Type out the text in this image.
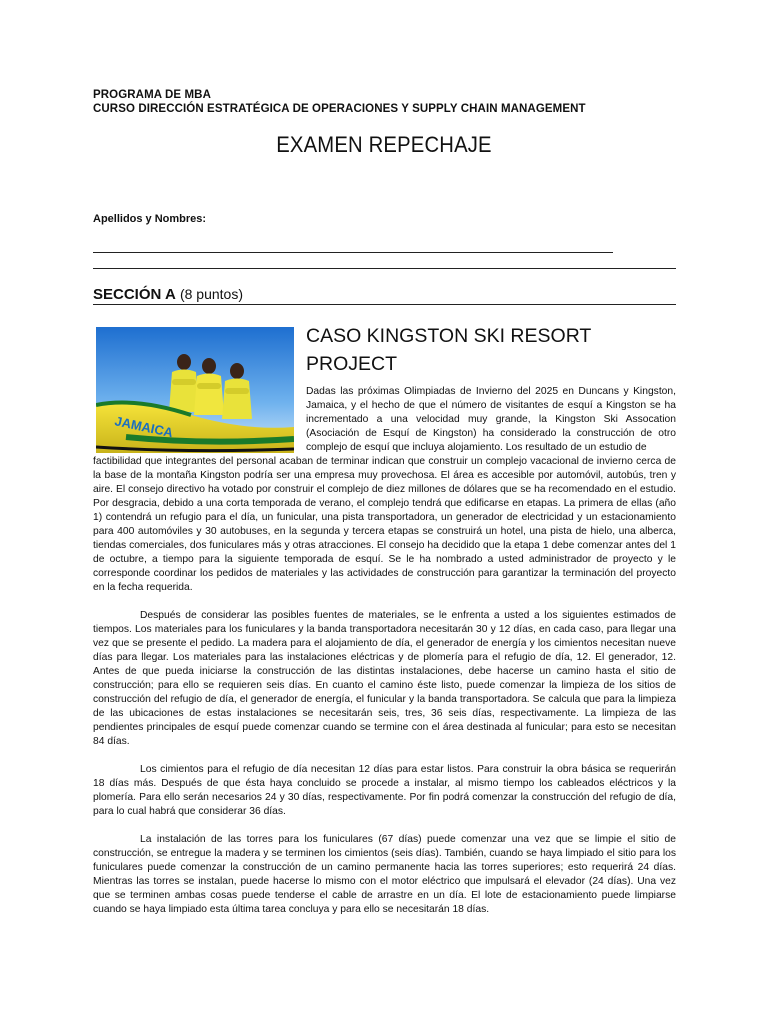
PROGRAMA DE MBA
CURSO DIRECCIÓN ESTRATÉGICA DE OPERACIONES Y SUPPLY CHAIN MANAGEMENT
EXAMEN REPECHAJE
Apellidos y Nombres:
SECCIÓN A (8 puntos)
JAMAICA
CASO KINGSTON SKI RESORT PROJECT
Dadas las próximas Olimpiadas de Invierno del 2025 en Duncans y Kingston, Jamaica, y el hecho de que el número de visitantes de esquí a Kingston se ha incrementado a una velocidad muy grande, la Kingston Ski Assocation (Asociación de Esquí de Kingston) ha considerado la construcción de otro complejo de esquí que incluya alojamiento. Los resultado de un estudio de
factibilidad que integrantes del personal acaban de terminar indican que construir un complejo vacacional de invierno cerca de la base de la montaña Kingston podría ser una empresa muy provechosa. El área es accesible por automóvil, autobús, tren y aire. El consejo directivo ha votado por construir el complejo de diez millones de dólares que se ha recomendado en el estudio. Por desgracia, debido a una corta temporada de verano, el complejo tendrá que edificarse en etapas. La primera de ellas (año 1) contendrá un refugio para el día, un funicular, una pista transportadora, un generador de electricidad y un estacionamiento para 400 automóviles y 30 autobuses, en la segunda y tercera etapas se construirá un hotel, una pista de hielo, una alberca, tiendas comerciales, dos funiculares más y otras atracciones. El consejo ha decidido que la etapa 1 debe comenzar antes del 1 de octubre, a tiempo para la siguiente temporada de esquí. Se le ha nombrado a usted administrador de proyecto y le corresponde coordinar los pedidos de materiales y las actividades de construcción para garantizar la terminación del proyecto en la fecha requerida.
Después de considerar las posibles fuentes de materiales, se le enfrenta a usted a los siguientes estimados de tiempos. Los materiales para los funiculares y la banda transportadora necesitarán 30 y 12 días, en cada caso, para llegar una vez que se presente el pedido. La madera para el alojamiento de día, el generador de energía y los cimientos necesitan nueve días para llegar. Los materiales para las instalaciones eléctricas y de plomería para el refugio de día, 12. El generador, 12. Antes de que pueda iniciarse la construcción de las distintas instalaciones, debe hacerse un camino hasta el sitio de construcción; para ello se requieren seis días. En cuanto el camino éste listo, puede comenzar la limpieza de los sitios de construcción del refugio de día, el generador de energía, el funicular y la banda transportadora. Se calcula que para la limpieza de las ubicaciones de estas instalaciones se necesitarán seis, tres, 36 seis días, respectivamente. La limpieza de las pendientes principales de esquí puede comenzar cuando se termine con el área destinada al funicular; para esto se necesitan 84 días.
Los cimientos para el refugio de día necesitan 12 días para estar listos. Para construir la obra básica se requerirán 18 días más. Después de que ésta haya concluido se procede a instalar, al mismo tiempo los cableados eléctricos y la plomería. Para ello serán necesarios 24 y 30 días, respectivamente. Por fin podrá comenzar la construcción del refugio de día, para lo cual habrá que considerar 36 días.
La instalación de las torres para los funiculares (67 días) puede comenzar una vez que se limpie el sitio de construcción, se entregue la madera y se terminen los cimientos (seis días). También, cuando se haya limpiado el sitio para los funiculares puede comenzar la construcción de un camino permanente hacia las torres superiores; esto requerirá 24 días. Mientras las torres se instalan, puede hacerse lo mismo con el motor eléctrico que impulsará el elevador (24 días). Una vez que se terminen ambas cosas puede tenderse el cable de arrastre en un día. El lote de estacionamiento puede limpiarse cuando se haya limpiado esta última tarea concluya y para ello se necesitarán 18 días.
